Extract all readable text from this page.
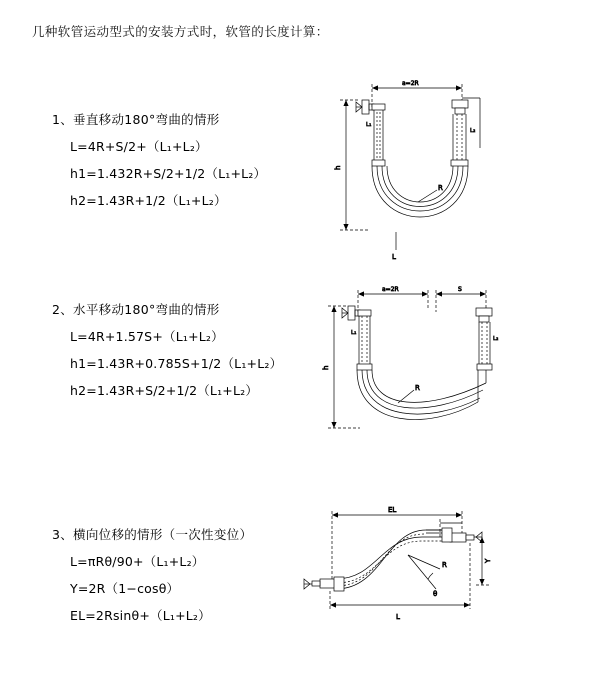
几种软管运动型式的安装方式时，软管的长度计算：

1、垂直移动180°弯曲的情形

L=4R+S/2+（L₁+L₂）

h1=1.432R+S/2+1/2（L₁+L₂）

h2=1.43R+1/2（L₁+L₂）

a=2R
R
h
L
L₁
L₂

2、水平移动180°弯曲的情形

L=4R+1.57S+（L₁+L₂）

h1=1.43R+0.785S+1/2（L₁+L₂）

h2=1.43R+S/2+1/2（L₁+L₂）

a=2R	S
R
h
L₁
L₂

3、横向位移的情形（一次性变位）

L=πRθ/90+（L₁+L₂）

Y=2R（1−cosθ）

EL=2Rsinθ+（L₁+L₂）

EL
θ
R
Y
L
